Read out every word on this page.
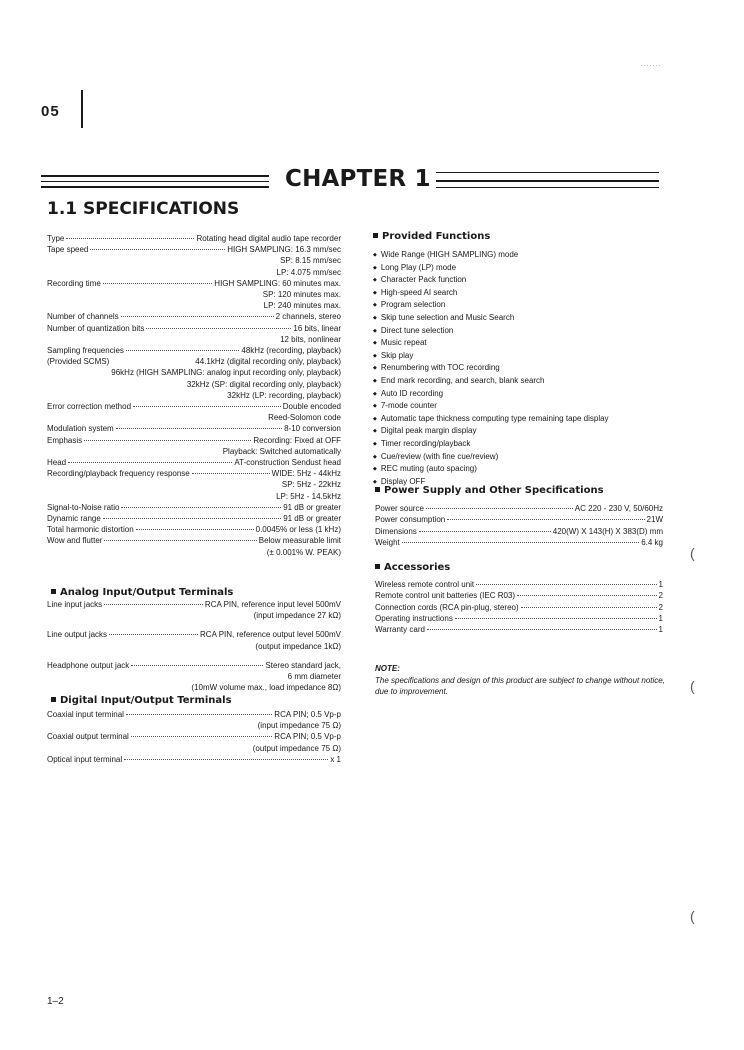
05
CHAPTER 1
1.1 SPECIFICATIONS
Type	Rotating head digital audio tape recorder
Tape speed	HIGH SAMPLING: 16.3 mm/sec
SP: 8.15 mm/sec
LP: 4.075 mm/sec
Recording time	HIGH SAMPLING: 60 minutes max.
SP: 120 minutes max.
LP: 240 minutes max.
Number of channels	2 channels, stereo
Number of quantization bits	16 bits, linear
12 bits, nonlinear
Sampling frequencies	48kHz (recording, playback)
(Provided SCMS)	44.1kHz (digital recording only, playback)
96kHz (HIGH SAMPLING: analog input recording only, playback)
32kHz (SP: digital recording only, playback)
32kHz (LP: recording, playback)
Error correction method	Double encoded
Reed-Solomon code
Modulation system	8-10 conversion
Emphasis	Recording: Fixed at OFF
Playback: Switched automatically
Head	AT-construction Sendust head
Recording/playback frequency response	WIDE: 5Hz - 44kHz
SP: 5Hz - 22kHz
LP: 5Hz - 14.5kHz
Signal-to-Noise ratio	91 dB or greater
Dynamic range	91 dB or greater
Total harmonic distortion	0.0045% or less (1 kHz)
Wow and flutter	Below measurable limit
(± 0.001% W. PEAK)
Analog Input/Output Terminals
Line input jacks	RCA PIN, reference input level 500mV
(input impedance 27 kΩ)
Line output jacks	RCA PIN, reference output level 500mV
(output impedance 1kΩ)
Headphone output jack	Stereo standard jack,
6 mm diameter
(10mW volume max., load impedance 8Ω)
Digital Input/Output Terminals
Coaxial input terminal	RCA PIN; 0.5 Vp-p
(input impedance 75 Ω)
Coaxial output terminal	RCA PIN; 0.5 Vp-p
(output impedance 75 Ω)
Optical input terminal	x 1
Provided Functions
◆ Wide Range (HIGH SAMPLING) mode
◆ Long Play (LP) mode
◆ Character Pack function
◆ High-speed AI search
◆ Program selection
◆ Skip tune selection and Music Search
◆ Direct tune selection
◆ Music repeat
◆ Skip play
◆ Renumbering with TOC recording
◆ End mark recording, and search, blank search
◆ Auto ID recording
◆ 7-mode counter
◆ Automatic tape thickness computing type remaining tape display
◆ Digital peak margin display
◆ Timer recording/playback
◆ Cue/review (with fine cue/review)
◆ REC muting (auto spacing)
◆ Display OFF
Power Supply and Other Specifications
Power source	AC 220 - 230 V, 50/60Hz
Power consumption	21W
Dimensions	420(W) X 143(H) X 383(D) mm
Weight	6.4 kg
Accessories
Wireless remote control unit	1
Remote control unit batteries (IEC R03)	2
Connection cords (RCA pin-plug, stereo)	2
Operating instructions	1
Warranty card	1
NOTE:
The specifications and design of this product are subject to change without notice, due to improvement.
1–2
·······
(
(
(
